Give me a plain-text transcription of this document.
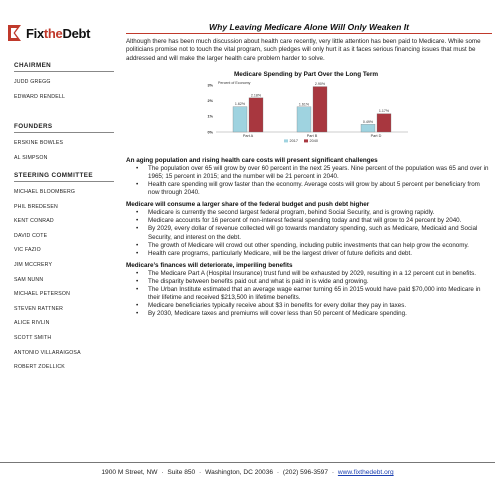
FixtheDebt
CHAIRMEN
JUDD GREGG
EDWARD RENDELL
FOUNDERS
ERSKINE BOWLES
AL SIMPSON
STEERING COMMITTEE
MICHAEL BLOOMBERG
PHIL BREDESEN
KENT CONRAD
DAVID COTE
VIC FAZIO
JIM MCCRERY
SAM NUNN
MICHAEL PETERSON
STEVEN RATTNER
ALICE RIVLIN
SCOTT SMITH
ANTONIO VILLARAIGOSA
ROBERT ZOELLICK
Why Leaving Medicare Alone Will Only Weaken It

Although there has been much discussion about health care recently, very little attention has been paid to Medicare. While some politicians promise not to touch the vital program, such pledges will only hurt it as it faces serious financing issues that must be addressed and will make the larger health care problem harder to solve.

Medicare Spending by Part Over the Long Term
Percent of Economy
0%
1%
2%
3%
1.62%
2.18%
1.61%
2.90%
0.49%
1.17%
Part A	Part B	Part D
2017	2040
An aging population and rising health care costs will present significant challenges
• The population over 65 will grow by over 60 percent in the next 25 years. Nine percent of the population was 65 and over in 1965; 15 percent in 2015; and the number will be 21 percent in 2040.
• Health care spending will grow faster than the economy. Average costs will grow by about 5 percent per beneficiary from now through 2040.
Medicare will consume a larger share of the federal budget and push debt higher
• Medicare is currently the second largest federal program, behind Social Security, and is growing rapidly.
• Medicare accounts for 16 percent of non-interest federal spending today and that will grow to 24 percent by 2040.
• By 2029, every dollar of revenue collected will go towards mandatory spending, such as Medicare, Medicaid and Social Security, and interest on the debt.
• The growth of Medicare will crowd out other spending, including public investments that can help grow the economy.
• Health care programs, particularly Medicare, will be the largest driver of future deficits and debt.
Medicare’s finances will deteriorate, imperiling benefits
• The Medicare Part A (Hospital Insurance) trust fund will be exhausted by 2029, resulting in a 12 percent cut in benefits.
• The disparity between benefits paid out and what is paid in is wide and growing.
• The Urban Institute estimated that an average wage earner turning 65 in 2015 would have paid $70,000 into Medicare in their lifetime and received $213,500 in lifetime benefits.
• Medicare beneficiaries typically receive about $3 in benefits for every dollar they pay in taxes.
• By 2030, Medicare taxes and premiums will cover less than 50 percent of Medicare spending.
1900 M Street, NW · Suite 850 · Washington, DC 20036 · (202) 596-3597 · www.fixthedebt.org
